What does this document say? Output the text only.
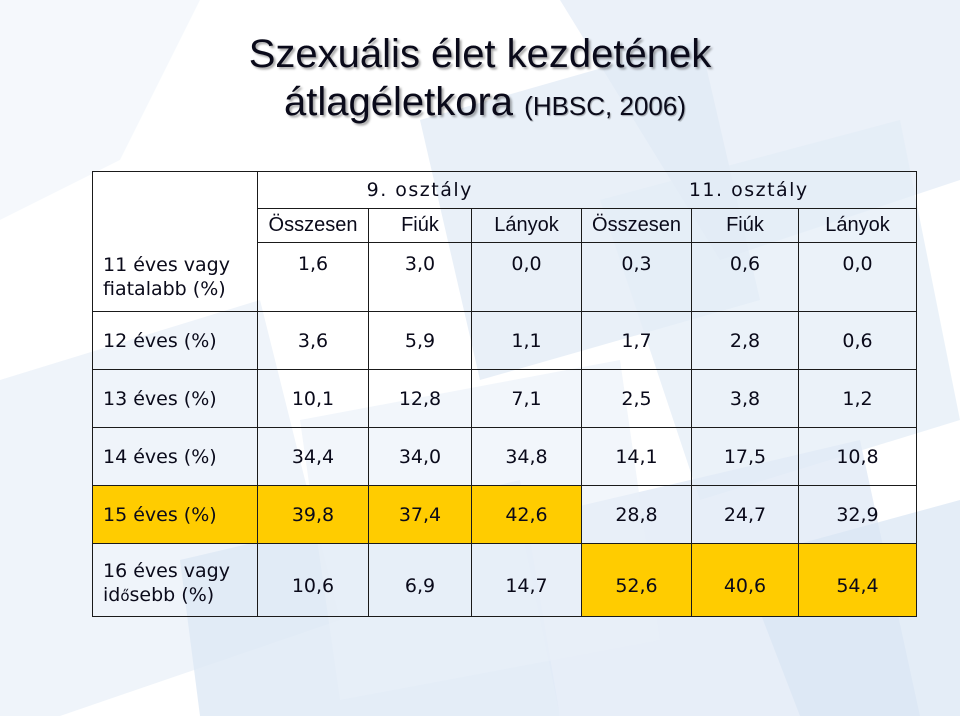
Szexuális élet kezdetének
átlagéletkora (HBSC, 2006)
	9. osztály			11. osztály		
	Összesen	Fiúk	Lányok	Összesen	Fiúk	Lányok
11 éves vagy
fiatalabb (%)	1,6	3,0	0,0	0,3	0,6	0,0
12 éves (%)	3,6	5,9	1,1	1,7	2,8	0,6
13 éves (%)	10,1	12,8	7,1	2,5	3,8	1,2
14 éves (%)	34,4	34,0	34,8	14,1	17,5	10,8
15 éves (%)	39,8	37,4	42,6	28,8	24,7	32,9
16 éves vagy
idősebb (%)	10,6	6,9	14,7	52,6	40,6	54,4
